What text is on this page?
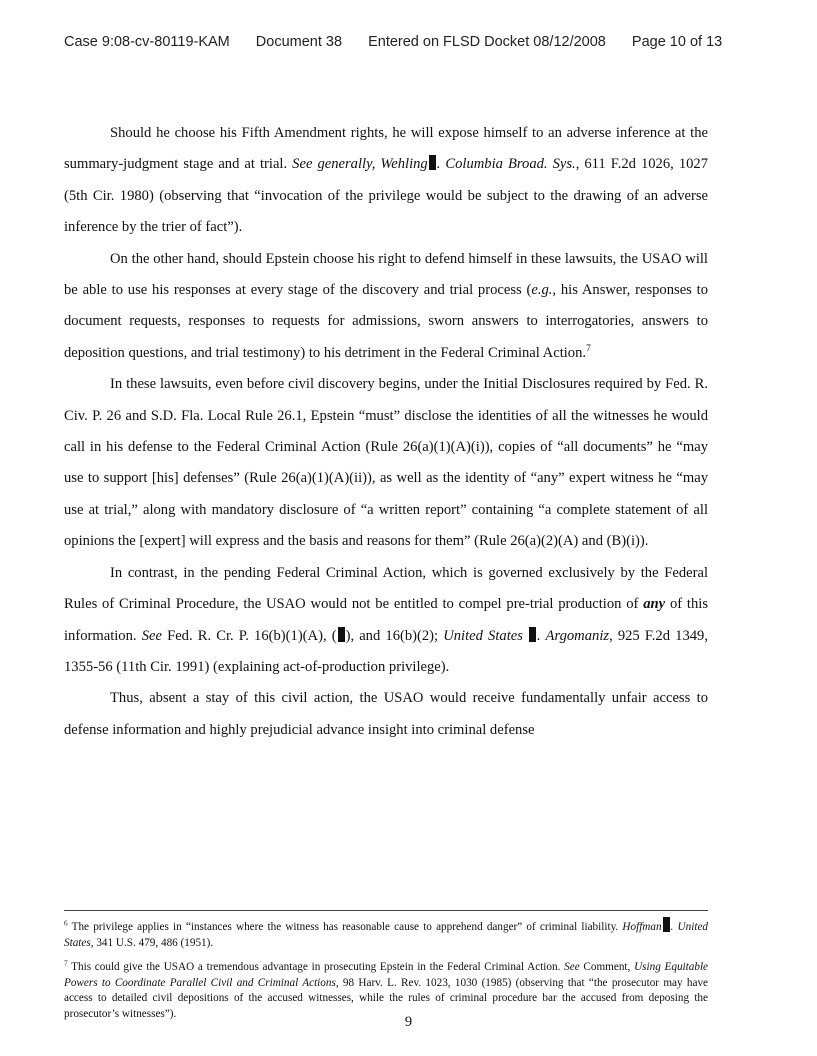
Case 9:08-cv-80119-KAM Document 38 Entered on FLSD Docket 08/12/2008 Page 10 of 13

Should he choose his Fifth Amendment rights, he will expose himself to an adverse inference at the summary-judgment stage and at trial. See generally, Wehling . Columbia Broad. Sys., 611 F.2d 1026, 1027 (5th Cir. 1980) (observing that “invocation of the privilege would be subject to the drawing of an adverse inference by the trier of fact”).

On the other hand, should Epstein choose his right to defend himself in these lawsuits, the USAO will be able to use his responses at every stage of the discovery and trial process (e.g., his Answer, responses to document requests, responses to requests for admissions, sworn answers to interrogatories, answers to deposition questions, and trial testimony) to his detriment in the Federal Criminal Action.$^7$

In these lawsuits, even before civil discovery begins, under the Initial Disclosures required by Fed. R. Civ. P. 26 and S.D. Fla. Local Rule 26.1, Epstein “must” disclose the identities of all the witnesses he would call in his defense to the Federal Criminal Action (Rule 26(a)(1)(A)(i)), copies of “all documents” he “may use to support [his] defenses” (Rule 26(a)(1)(A)(ii)), as well as the identity of “any” expert witness he “may use at trial,” along with mandatory disclosure of “a written report” containing “a complete statement of all opinions the [expert] will express and the basis and reasons for them” (Rule 26(a)(2)(A) and (B)(i)).

In contrast, in the pending Federal Criminal Action, which is governed exclusively by the Federal Rules of Criminal Procedure, the USAO would not be entitled to compel pre-trial production of any of this information. See Fed. R. Cr. P. 16(b)(1)(A), ( ), and 16(b)(2); United States . Argomaniz, 925 F.2d 1349, 1355-56 (11th Cir. 1991) (explaining act-of-production privilege).

Thus, absent a stay of this civil action, the USAO would receive fundamentally unfair access to defense information and highly prejudicial advance insight into criminal defense

$^6$ The privilege applies in “instances where the witness has reasonable cause to apprehend danger” of criminal liability. Hoffman . United States, 341 U.S. 479, 486 (1951).

$^7$ This could give the USAO a tremendous advantage in prosecuting Epstein in the Federal Criminal Action. See Comment, Using Equitable Powers to Coordinate Parallel Civil and Criminal Actions, 98 Harv. L. Rev. 1023, 1030 (1985) (observing that “the prosecutor may have access to detailed civil depositions of the accused witnesses, while the rules of criminal procedure bar the accused from deposing the prosecutor’s witnesses”).

9
